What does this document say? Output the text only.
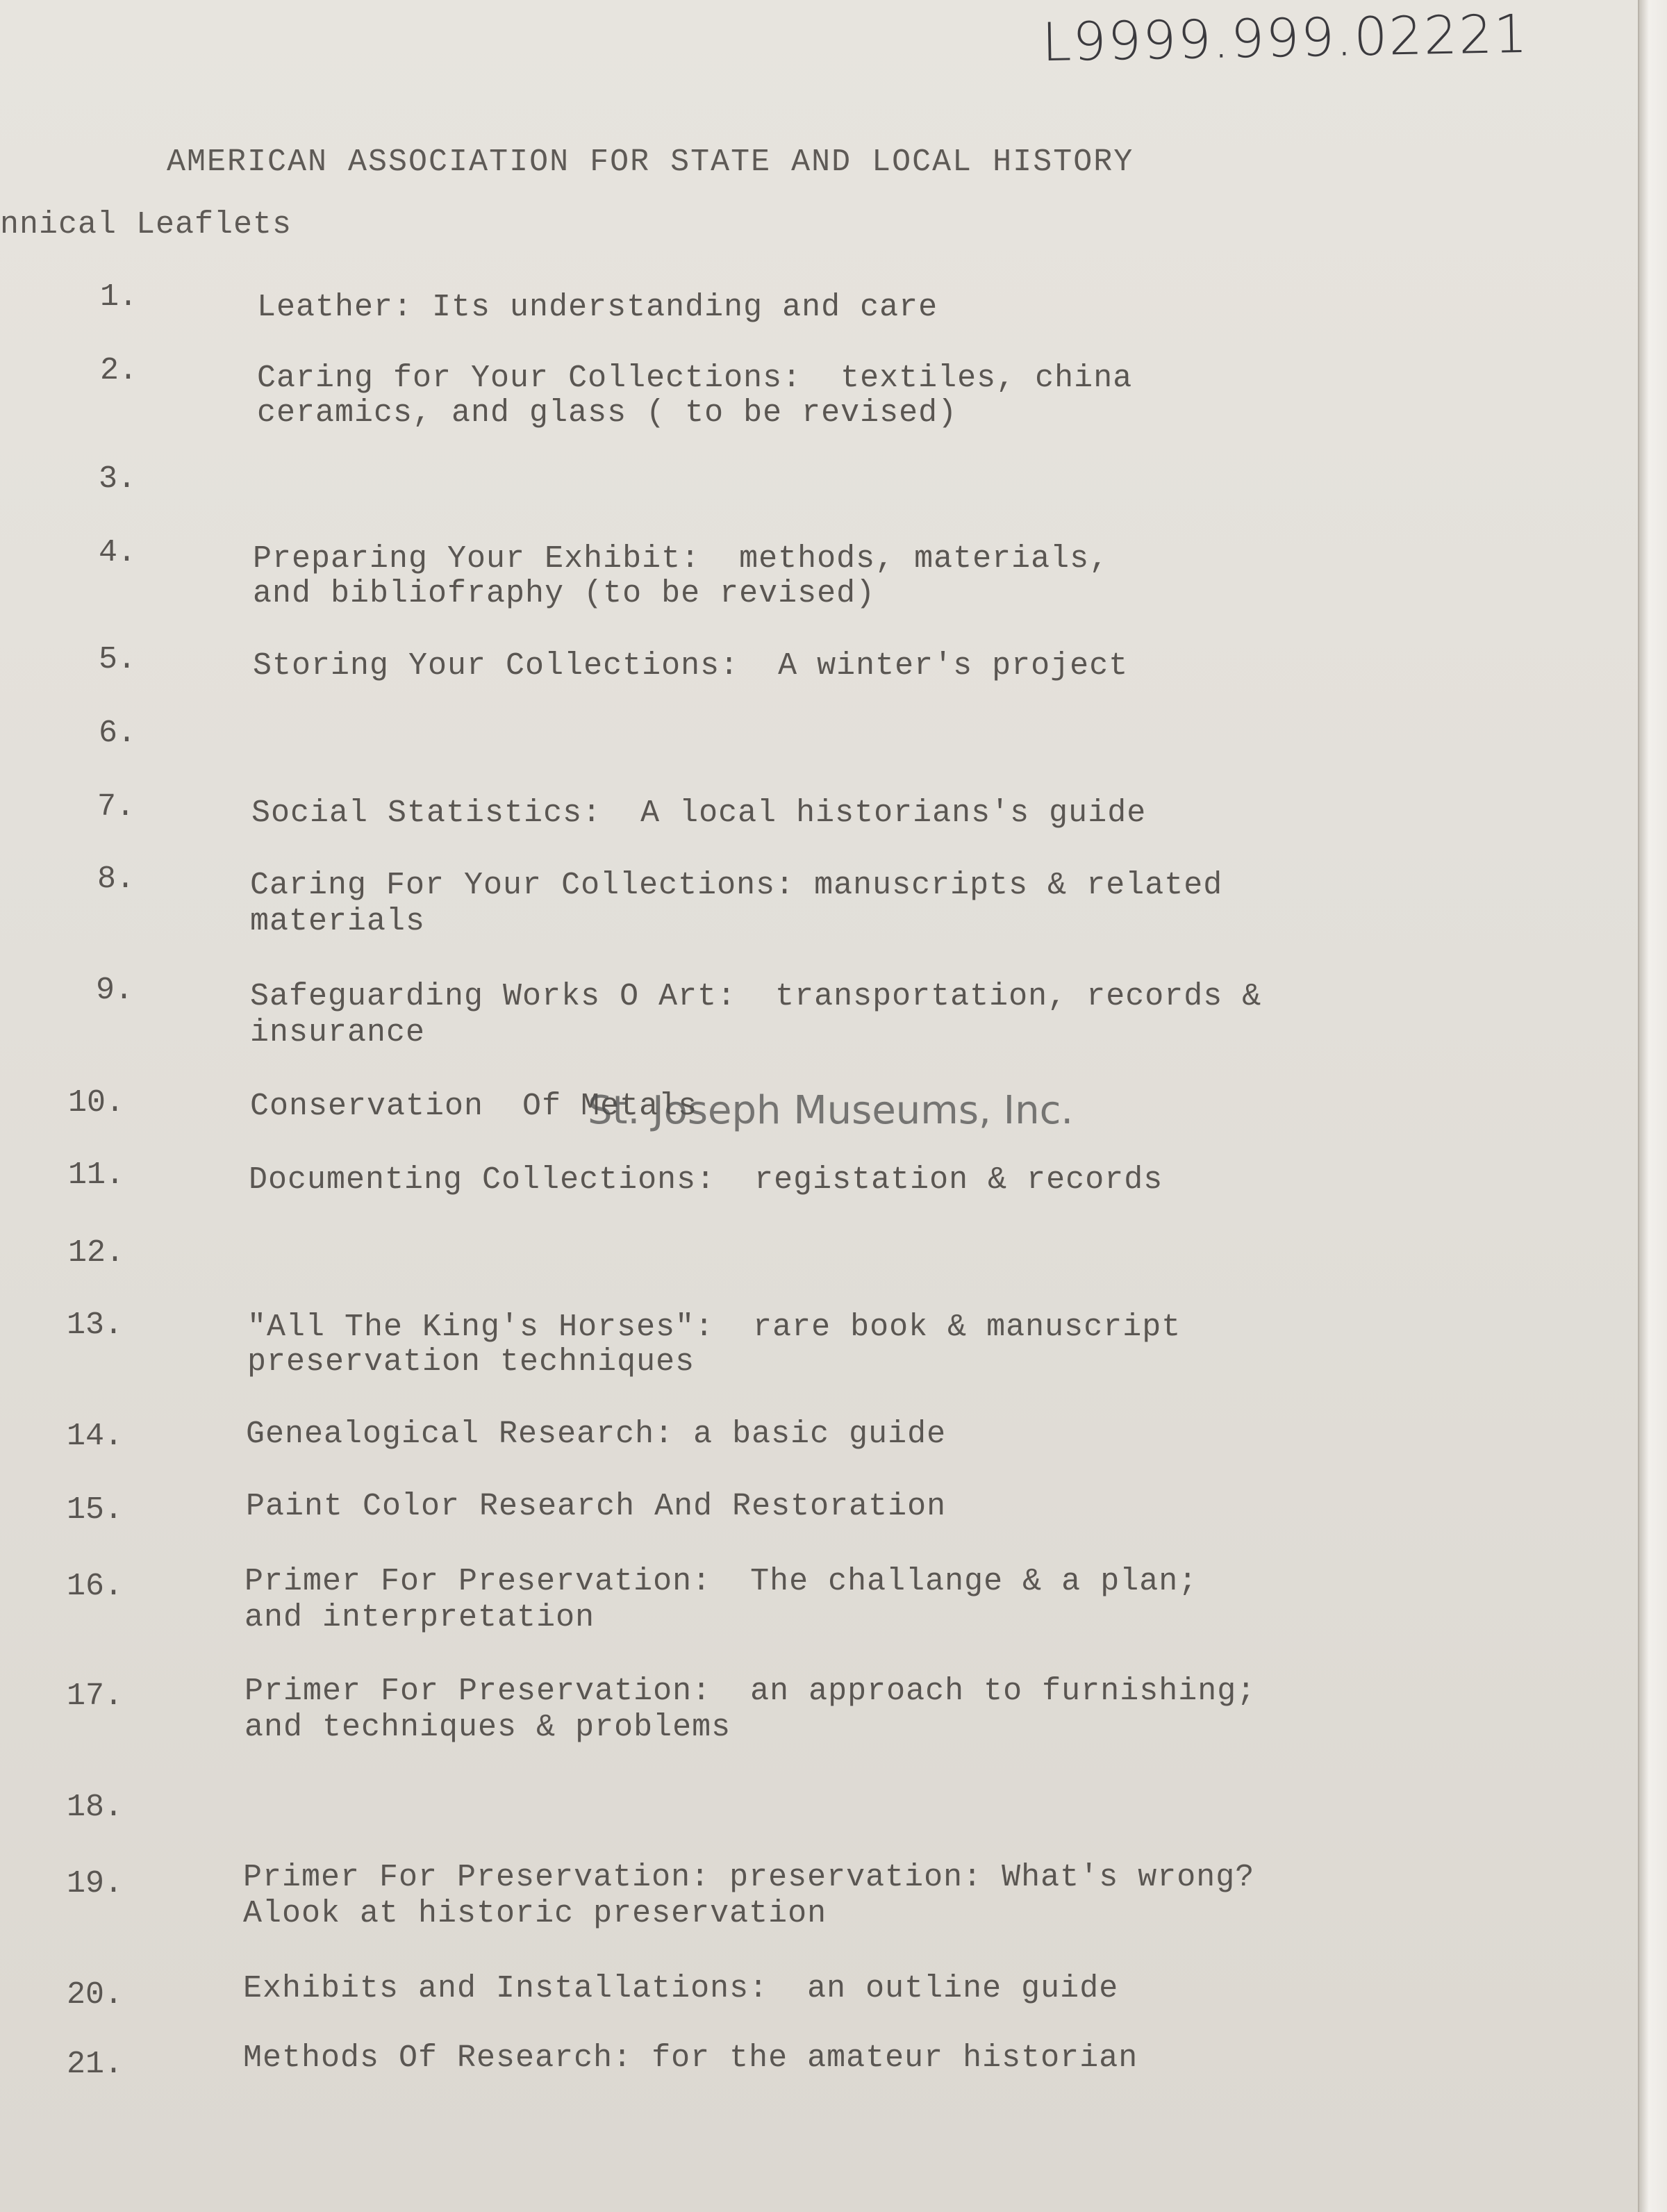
L9999.999.02221
AMERICAN ASSOCIATION FOR STATE AND LOCAL HISTORY
nnical Leaflets
1.	Leather: Its understanding and care
2.	Caring for Your Collections:  textiles, china
ceramics, and glass ( to be revised)
3.
4.	Preparing Your Exhibit:  methods, materials,
and bibliofraphy (to be revised)
5.	Storing Your Collections:  A winter's project
6.
7.	Social Statistics:  A local historians's guide
8.	Caring For Your Collections: manuscripts & related
materials
9.	Safeguarding Works O Art:  transportation, records &
insurance
10.	Conservation  Of Metals
11.	Documenting Collections:  registation & records
12.
13.	"All The King's Horses":  rare book & manuscript
preservation techniques
14.	Genealogical Research: a basic guide
15.	Paint Color Research And Restoration
16.	Primer For Preservation:  The challange & a plan;
and interpretation
17.	Primer For Preservation:  an approach to furnishing;
and techniques & problems
18.
19.	Primer For Preservation: preservation: What's wrong?
Alook at historic preservation
20.	Exhibits and Installations:  an outline guide
21.	Methods Of Research: for the amateur historian
St. Joseph Museums, Inc.
